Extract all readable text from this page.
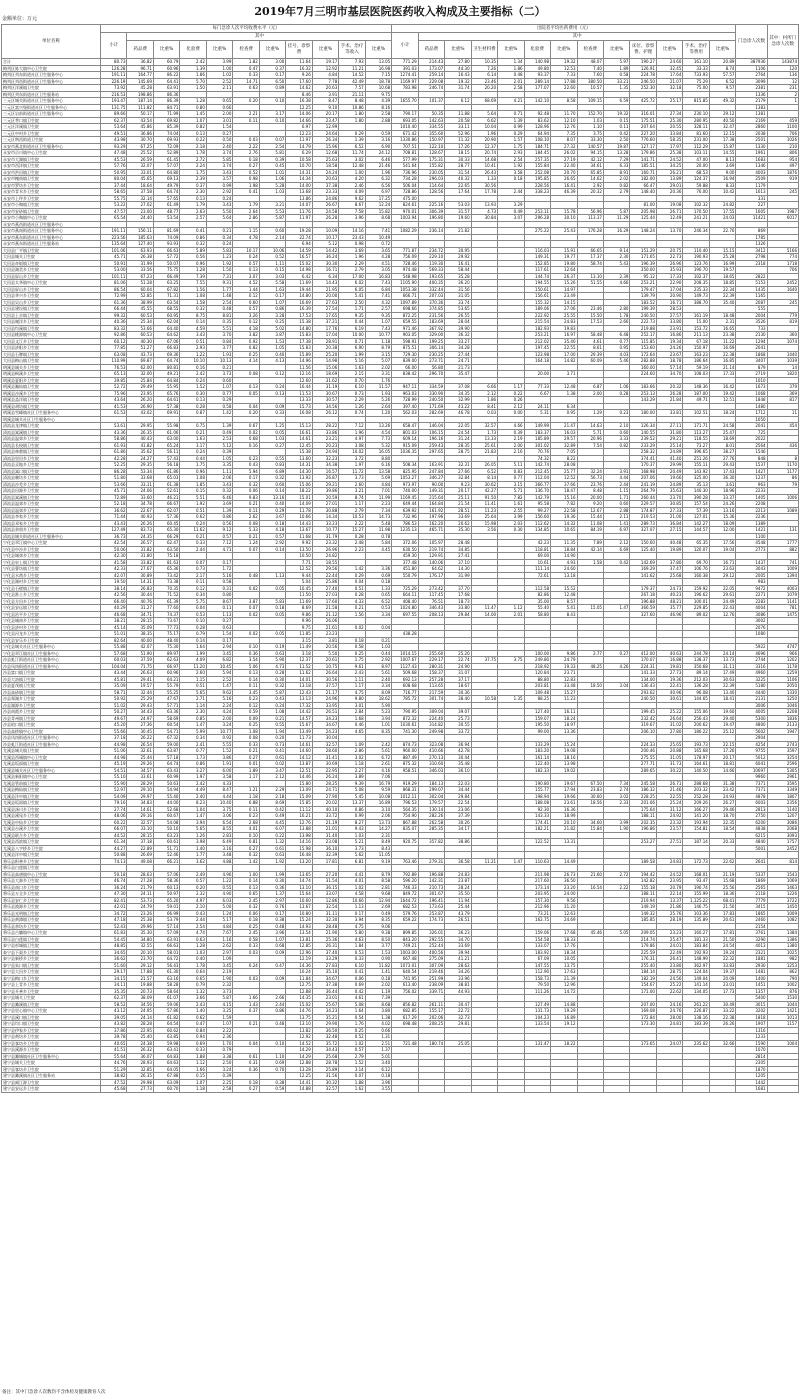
2019年7月三明市基层医院医药收入构成及主要指标（二）
金额单位：万元
单位名称	每门急诊人次平均收费水平（元）											出院者平均医药费用（元）													门急诊人次数	其中：村所门急诊人次数
	小计	其中										小计	其中													
		药品费	比重%	化验费	比重%	检查费	比重%	挂号、诊察费	比重%	手术、治疗等收入	比重%		药品费	比重%	卫生材料费	比重%	化验费	比重%	检查费	比重%	床位、诊察费、护理	比重%	手术、治疗等费用	比重%		
合计	80.73	36.82	60.79	2.42	3.99	1.82	3.00	11.64	19.17	7.93	13.05	771.29	214.43	27.80	10.35	1.34	140.98	19.32	48.07	5.97	190.27	24.60	161.10	20.89	387936	143874
梅列区陈大镇中心卫生院	126.28	96.71	60.96	1.39	1.00	0.47	0.37	16.32	12.92	11.21	16.98	391.03	173.07	44.30	7.26	1.86	49.80	12.53	7.40	1.89	126.91	32.45	33.33	8.74	1106	120
梅列区列东街道社区卫生服务中心	191.11	164.77	86.22	1.86	1.02	0.33	0.17	9.26	4.84	14.52	7.15	1274.41	259.14	16.43	6.14	0.48	93.37	7.33	7.60	0.58	224.78	17.64	733.93	57.57	2764	136
梅列区列西街道社区卫生服务中心	226.19	145.69	64.41	5.70	2.52	14.71	6.50	17.60	7.78	42.49	18.78	1169.97	229.08	19.32	23.46	2.01	289.14	17.88	380.50	33.21	246.50	21.07	75.29	6.52	3099	12
梅列区洋溪镇卫生院	73.92	45.28	63.91	1.50	2.11	0.63	0.89	14.62	20.63	7.57	10.68	783.98	246.74	31.74	20.20	2.58	177.07	22.60	10.57	1.35	252.30	32.18	75.00	9.57	2381	231
梅列区列东街道社区卫生服务站	216.53	198.86	86.36					8.46	3.91	21.11	9.75														1336	2
三元区城关街道社区卫生服务中心	193.47	187.14	86.39	1.28	0.65	0.20	0.10	16.38	8.47	8.48	4.39	1655.70	101.37	6.12	68.69	4.21	142.10	8.58	109.15	6.59	425.72	25.17	815.85	49.32	2179	1
三元区富兴堡街道社区卫生服务中心	131.75	111.82	84.71	0.80	0.66			12.25	9.10	10.86	8.16														1383	
三元区岩前街道社区卫生服务中心	89.66	50.17	71.99	1.45	2.00	2.21	3.17	14.06	20.17	1.80	2.58	790.17	50.35	11.88	5.64	0.71	92.48	11.70	152.70	19.32	316.01	27.34	230.10	29.12	1381	
三元区莘口镇卫生院	62.37	43.54	69.82	1.07	3.01	0.11	0.10	14.66	23.47	1.80	2.88	693.05	142.63	20.58	6.62	1.39	83.62	12.10	1.03	0.15	175.51	25.30	280.95	40.50	2169	459
三元区洋溪镇卫生院	53.64	45.86	85.39	0.82	1.54			6.97	12.99			1010.40	334.55	33.11	10.04	0.99	128.96	12.76	1.10	0.11	207.64	20.55	328.11	32.47	2860	1100
三元区中村乡卫生院	49.51	36.86	74.04	0.13	0.27			12.23	24.64	0.29	0.59	671.42	355.60	52.96	1.96	0.29	64.94	7.35	3.75	0.42	227.20	33.84	81.60	12.15	2038	706
三元区荆西街道卫生院	43.98	30.70	69.93	0.22	0.50	0.03	0.07	11.97	26.34	1.39	3.16	1330.86	150.97	11.32	20.90	1.57	108.10	8.07	33.30	2.50	776.60	58.35	231.00	17.38	2501	1026
永安市燕北街道社区卫生服务中心	93.29	67.25	72.09	2.18	2.40	2.22	2.54	14.79	15.96	6.52	6.90	707.51	122.10	17.26	12.37	1.75	184.71	27.32	140.57	19.87	127.17	17.97	112.29	15.87	1330	210
永安市贡川镇中心卫生院	47.48	25.52	52.89	1.78	3.74	2.76	5.81	6.29	12.68	11.74	24.12	708.81	128.67	18.15	20.74	2.93	184.45	26.02	94.15	13.28	179.86	25.38	103.11	14.55	1961	806
永安市大湖镇卫生院	45.53	26.59	61.45	2.72	5.85	0.18	0.39	10.58	25.63	3.02	6.46	577.99	175.31	30.33	14.68	2.54	257.35	27.19	42.12	7.29	141.71	24.52	47.00	8.13	1683	954
永安市西洋镇卫生院	57.76	32.07	57.07	2.24	3.74	0.27	0.45	10.70	18.58	12.48	21.46	541.64	155.82	28.77	10.41	1.92	155.84	22.40	34.61	6.33	185.51	34.25	20.00	3.69	1346	497
永安市洪田镇卫生院	50.95	33.01	64.80	1.75	3.43	0.52	1.01	14.31	24.24	1.00	1.96	736.96	230.05	31.54	26.43	3.58	252.08	20.70	65.85	8.91	160.71	26.21	68.53	9.00	4003	1876
永安市槐南镇卫生院	80.04	45.65	69.13	2.39	3.57	0.98	1.06	14.34	20.63	4.20	6.32	734.28	296.03	40.32	1.33	0.18	195.85	26.65	14.62	2.02	182.00	13.89	124.37	16.94	2509	919
永安市罗坊乡卫生院	37.44	18.64	49.79	0.37	0.99	1.98	5.28	14.00	37.38	2.46	6.56	506.04	114.64	22.65	30.56		228.56	16.41	2.92	0.82	66.47	29.01	59.88	8.33	1179	
永安市青水乡卫生院	58.65	37.58	64.74	2.30	2.92	0.41	1.03	13.68	23.33	4.09	6.97	728.86	128.56	17.64	17.78	2.44	338.23	46.39	20.32	2.79	148.40	20.36	76.00	10.42	1613	245
永安市上坪乡卫生院	55.75	32.14	57.65	0.13	0.24			13.86	24.86	9.62	17.25	475.00													331	
永安市小陶镇卫生院	53.22	27.02	61.49	1.79	3.43	1.79	3.21	14.07	26.67	8.67	12.24	824.61	225.16	53.03	13.93	3.29					81.00	19.08	102.32	24.82	227	
永安市安砂镇卫生院	47.57	23.00	48.77	2.63	5.50	2.64	5.53	11.76	24.58	7.58	15.82	970.01	306.39	31.57	4.73	0.49	253.11	15.78	56.96	5.87	205.98	26.71	170.50	17.55	1605	1987
永安市小陶镇中心卫生院	65.54	24.40	53.54	2.57	5.64	2.86	5.87	11.97	26.28	3.96	8.68	1003.94	196.80	19.60	30.84	3.07	296.28	30.10	113.37	11.29	125.44	12.49	241.21	24.03	11421	6017
永安市燕西街道社区卫生服务中心																										
永安市燕南街道社区卫生服务中心	191.11	156.11	81.69	0.41	0.21	1.15	0.60	19.28	10.09	14.16	7.41	1082.29	236.14	21.82			275.22	25.43	176.28	16.29	148.24	13.70	246.34	22.76	869	
永安市燕东街道社区卫生服务中心	223.56	185.63	74.09	0.86	0.34	4.78	2.14	22.74	10.17	23.43	10.49														1785	
永安市燕东街道社区卫生服务站	135.64	127.40	93.93	0.32	0.24			6.94	5.12	0.98	0.72														1326	
大田县广平镇卫生院	101.06	63.93	66.63	5.89	5.83	10.17	10.06	14.59	14.42	3.69	3.65	771.87	234.72	30.95			116.03	15.91	66.65	9.14	151.29	20.75	110.40	15.15	3412	5166
大田县城关卫生院	45.71	26.38	57.72	0.56	1.23	0.24	0.52	16.57	36.24	1.96	4.28	756.09	229.10	29.92			149.31	19.77	17.37	2.30	171.65	22.73	190.93	25.28	2798	774
大田县奇韬镇卫生院	50.91	31.99	50.07	0.96	1.92	0.57	1.11	15.02	30.30	2.29	4.51	728.46	119.30	16.41			152.85	19.80	58.74	5.43	196.39	26.96	123.76	16.99	2318	1718
大田县湖美乡卫生院	53.00	33.56	75.75	1.28	1.50	0.13	0.15	14.98	16.71	2.79	3.05	974.48	569.33	58.44			117.61	12.64			350.00	35.93	190.70	19.57		706
大田县屏山乡卫生院	101.11	67.23	66.49	7.39	7.31	3.07	3.03	6.42	6.34	17.00	16.83	548.98	193.65	35.28			144.74	26.37	13.10	2.39	95.12	17.33	102.37	18.65	2822	
大田县太华镇中心卫生院	81.06	51.28	63.25	7.55	9.31	4.52	5.58	11.69	14.43	6.02	7.43	1105.90	400.35	36.20			194.55	15.26	51.55	4.66	253.21	22.90	208.35	18.85	5153	2452
大田县屏山乡卫生院	86.54	60.04	67.82	1.56	1.77	1.44	1.63	19.44	21.95	6.05	6.84	1053.38	332.44	31.56			150.61	14.97			179.47	17.04	235.33	22.34	1435	1640
大田县华兴乡卫生院	72.99	52.85	71.31	1.08	1.48	0.12	0.17	14.80	20.00	5.41	7.41	666.71	207.03	31.05			156.61	23.49			139.79	20.90	149.73	22.39	1165	
大田县吴山乡卫生院	61.36	38.99	63.54	1.58	2.54	0.60	1.07	16.69	27.63	2.50	4.32	1097.89	370.36	33.74			155.32	14.15			183.52	16.71	388.70	35.40	2087	245
大田县建设镇卫生院	66.44	45.55	68.55	0.32	0.48	0.57	0.86	16.39	27.54	1.71	2.57	698.66	374.85	53.65			189.06	27.06	23.46	2.80	199.39	28.53			555	
大田县上京镇卫生院	99.32	60.53	60.95	8.75	8.81	3.26	3.28	17.53	17.65	9.35	9.35	872.25	231.56	26.55			222.92	25.55	15.50	1.78	240.50	27.57	161.19	18.48	2004	779
大田县谢洋乡卫生院	40.36	25.34	62.04	0.14	0.35	0.12	0.25	15.38	37.21	0.44	1.07	659.55	183.69	28.04			215.54	24.83	17.53	2.66	222.73	33.80	15.00	2.31	3526	819
大田县均溪镇卫生院	83.32	53.66	64.40	4.59	5.51	4.18	5.02	14.80	17.76	6.19	7.43	971.46	367.92	39.90			182.93	19.83			219.88	23.91	153.72	16.65	733	
大田县桃源镇中心卫生院	92.86	60.53	64.62	3.43	3.70	3.82	3.87	15.83	17.04	10.00	10.77	903.05	329.00	36.32			253.21	16.97	58.48	6.48	252.17	16.86	211.13	23.38	2130	360
大田县文江乡卫生院	60.12	40.30	67.06	0.51	0.84	0.92	1.53	17.38	28.91	0.71	1.18	598.91	199.25	33.27			212.02	35.40	4.61	0.77	115.85	19.34	67.18	11.22	1294	1074
大田县济阳乡卫生院	77.85	51.27	66.83	2.93	3.77	0.82	1.05	15.83	20.38	6.90	8.79	875.51	306.14	34.28			197.45	22.55	8.61	0.95	153.60	24.26	150.97	16.69	2041	
大田县石牌镇卫生院	63.08	43.73	69.36	1.22	1.93	0.25	0.40	15.89	25.20	1.99	3.15	729.30	230.25	27.44			123.98	17.00	29.39	4.03	172.64	23.67	163.23	22.38	1868	1440
大田县梅山镇卫生院	110.99	69.87	64.74	10.10	10.13	4.14	4.13	14.96	14.98	5.16	5.07	839.00	273.71	24.71			164.18	14.82	60.09	5.46	282.88	18.78	186.64	16.85	3407	1039
明溪县城关乡卫生院	76.53	62.00	80.81	0.16	0.21			11.56	15.06	1.63	2.02	66.00	56.80	21.73							160.00	57.14	59.19	21.14	879	14
明溪县枫溪乡卫生院	65.13	32.00	49.21	2.42	3.73	0.08	0.12	12.16	18.69	2.15	3.31	838.42	296.70	35.47			20.00	3.71			224.60	34.70	108.03	17.33	2719	1820
明溪县夏阳乡卫生院	39.85	25.84	64.84	0.24	0.60			12.60	31.62	0.70	1.76														1010	
明溪县瀚仙镇卫生院	52.72	29.49	55.95	1.52	1.07	0.13	0.24	16.44	31.19	6.10	11.57	947.11	334.59	37.08	6.66	1.17	77.33	12.48	6.87	1.06	183.66	20.32	148.36	16.42	1673	379
明溪县沙溪乡卫生院	75.96	23.95	65.76	0.30	0.77	0.05	0.13	11.53	30.67	0.73	1.93	963.03	330.90	34.35	2.12	0.22	6.67	1.38	2.00	0.28	253.13	26.28	187.00	19.42	1068	369
明溪县盖洋镇卫生院	43.64	26.20	64.61	0.13	0.29			13.33	30.57	2.29	5.26	728.99	240.50	32.99	1.86	0.26					143.29	21.84	49.71	12.51	1848	817
明溪县胡坊镇卫生院	41.53	26.90	57.38	0.28	0.58	0.04	0.09	15.73	34.56	1.26	2.64	397.40	171.69	43.22	8.41	2.12	24.11	6.34							1480	
明溪县雪峰镇社区卫生服务中心	61.53	43.02	69.91	0.87	1.42	0.20	0.33	16.08	26.12	0.74	1.20	562.03	282.69	46.78	0.03	0.00	5.31	0.95	1.29	0.23	180.00	33.81	102.51	18.24	1712	11
明溪县城关社区卫生服务中心																									1050	
清流县龙津镇卫生院	53.61	29.95	55.98	0.75	1.39	0.67	1.25	15.13	28.22	7.12	13.26	658.47	146.04	22.05	32.57	4.66	149.99	21.47	14.63	2.10	126.34	27.11	171.71	24.58	2041	454
清流县嵩溪镇卫生院	43.36	26.35	61.06	0.21	0.49	0.02	0.05	16.61	33.86	1.96	4.54	801.03	106.15	24.54	1.73	0.39	183.37	16.03	5.71	0.60	140.55	31.80	113.27	25.47	725	
清流县温郊乡卫生院	58.86	40.43	63.00	1.63	2.53	0.68	1.03	14.61	23.21	4.97	7.73	609.14	196.16	31.24	13.33	2.19	185.89	29.57	20.96	3.33	239.52	29.21	118.55	18.69	2022	
清流县长校镇卫生院	61.93	41.82	65.24	3.17	5.12	0.16	0.27	12.45	20.23	3.08	5.32	915.09	259.43	28.35	25.61	2.00	301.02	32.89	7.54	0.82	233.29	25.14	73.27	8.01	2564	436
清流县林畲镇卫生院	61.86	35.62	56.11	0.24	0.39			15.38	24.94	10.02	16.05	1036.35	297.65	28.75	21.83	2.16	70.76	7.05			258.32	24.89	396.65	38.27	1546	
清流县里田乡卫生院	42.28	24.27	57.43	0.44	1.05	0.23	0.55	13.60	32.23	3.72	8.80						74.32	8.22			374.41	41.40	251.26	27.76	848	8
清流县灵地乡卫生院	52.25	29.35	56.18	1.75	3.35	0.43	0.83	14.31	34.38	1.97	6.16	508.34	163.91	32.31	26.05	5.11	142.74	28.08			170.37	29.99	155.11	29.43	1537	1170
清流县嵩口镇卫生院	86.28	53.34	61.86	0.96	1.11	5.94	6.89	14.30	16.57	11.72	13.58	825.95	247.84	27.66	6.52	0.83	212.45	25.77	32.24	3.91	168.98	20.49	143.92	17.43	1427	1177
清流县赖坊乡卫生院	51.80	33.68	65.03	1.08	2.06	0.17	0.32	13.92	26.87	3.73	5.69	1053.27	346.27	32.84	8.14	0.77	112.04	12.52	56.73	4.44	207.06	19.66	325.00	36.30	1237	86
清流县沙芜乡卫生院	53.66	33.11	61.38	1.85	3.43	0.32	0.60	15.06	29.21	2.60	4.84	973.97	90.00	9.23	30.62	3.15	366.77	37.66	23.76	2.44	241.19	24.89	35.13	3.61	963	79
清流县田源乡卫生院	45.71	24.06	52.61	0.15	0.32	0.06	0.14	18.22	39.86	3.21	7.01	740.00	149.31	20.17	42.27	5.71	136.70	18.47	8.48	1.15	264.79	35.63	140.30	18.96	2233	
清流县嵩溪镇卫生院	72.89	33.60	46.21	5.51	6.46	9.83	13.16	15.01	20.59	8.74	11.99	1169.45	215.64	25.11	91.50	7.82	142.79	15.16	20.00	1.71	260.44	23.70	390.28	33.37	1405	1006
清流县温郊乡卫生院	52.18	34.78	66.67	1.92	3.69	0.21	0.40	14.09	27.01	1.17	2.23	649.44	164.84	21.54	11.41	1.61	95.58	7.82	9.20	0.60	229.57	30.85	157.54	24.26	2208	
清流县温郊乡卫生院	36.62	22.67	62.07	0.51	1.39	0.11	0.29	11.78	30.88	2.79	7.34	639.92	161.92	28.51	11.23	2.55	99.27	22.58	12.67	2.88	174.87	27.33	57.39	13.16	2213	1089
清流县李家乡卫生院	71.44	40.93	57.36	0.62	0.86	2.62	3.67	10.66	14.34	10.53	14.73	732.96	197.96	33.69	25.64	3.99	156.60	19.36	15.44	2.11	219.53	21.00	127.01	15.36	2236	
清流县邓家乡卫生院	43.43	26.26	60.45	0.24	0.56	0.08	0.18	14.43	33.23	2.22	5.48	786.53	162.20	20.62	15.98	2.03	112.62	14.32	11.08	1.41	289.73	36.84	142.27	18.09	1389	
清流县余朋乡卫生院	127.49	83.73	65.30	11.62	9.12	5.33	4.18	13.67	10.77	15.27	11.98	1235.13	465.71	35.30	3.56	0.30	134.85	10.65	84.19	6.97	327.07	27.15	144.57	12.00	1421	131
清流县城关街道社区卫生服务中心	36.73	24.35	66.29	0.21	0.57	0.21	0.57	11.68	31.79	0.28	0.78														1100	
宁化县翠江镇中心卫生院	42.54	26.57	62.47	0.33	7.12	1.24	2.92	9.92	23.32	2.48	5.84	372.06	105.97	28.48			42.23	11.35	7.89	2.12	150.60	40.48	65.35	17.56	4548	1777
宁化县中沙乡卫生院	50.06	31.82	63.50	2.44	4.71	0.07	0.14	13.50	26.96	2.23	4.45	630.50	219.74	34.85			118.81	18.84	42.14	6.69	125.40	19.89	120.07	19.04	2773	882
宁化县城郊乡卫生院	42.30	31.80	75.18					10.50	24.82			459.30	129.91	27.41			69.00	14.90								
宁化县泉上镇卫生院	41.58	33.82	81.63	0.07	0.17			7.71	18.55			377.48	140.06	37.10			10.61	4.93	1.58	0.42	142.69	37.80	69.70	16.71	1437	741
宁化县曹坊镇卫生院	42.33	27.67	65.36	0.73	1.72			12.52	29.56	1.42	3.36	451.80	64.62	14.30			111.14	24.60			169.29	37.47	106.76	23.63	3043	1009
宁化县水茜乡卫生院	42.07	30.89	73.42	2.17	5.16	0.48	1.13	9.44	22.44	0.29	0.69	550.79	176.17	31.99			72.61	13.18			141.62	25.68	160.38	29.12	2005	1394
宁化县湖村乡卫生院	19.50	14.31	73.38	0.11	0.58			5.04	25.86	0.04	0.18														983	
宁化县石壁镇卫生院	38.14	26.83	70.35	0.12	0.31	0.02	0.05	10.45	27.40	0.51	1.33	725.29	273.42	37.70			112.58	15.52			179.37	24.73	159.92	22.05	9472	4003
宁化县淮土乡卫生院	42.56	30.44	71.52	0.34	0.80			11.50	27.03	0.28	0.65	664.11	117.45	17.68			82.86	12.48			267.18	40.23	196.62	29.61	2271	1079
宁化县方田乡卫生院	66.40	40.76	61.39	5.75	8.67	3.87	5.83	11.69	17.60	4.33	6.52	408.40	76.51	18.73			35.00	8.57			196.88	48.21	100.01	24.49	2283	1141
宁化县安远镇卫生院	40.29	31.27	77.60	0.04	0.11	0.07	0.18	8.69	21.58	0.21	0.53	1024.80	346.43	33.80	11.47	1.12	55.40	5.41	15.05	1.47	366.59	35.77	229.85	22.43	4004	781
宁化县治平乡卫生院	46.68	34.71	74.37	0.53	1.13	0.02	0.05	9.86	21.12	1.56	3.34	697.55	208.13	29.84	14.00	2.01	58.80	8.43			327.60	46.96	89.02	12.76	3086	1475
宁化县城南乡卫生院	38.21	28.15	73.67	0.10	0.27			9.96	26.06																3002	
宁化县济村乡卫生院	45.14	35.09	77.73	0.28	0.63			9.75	21.61	0.02	0.04														2076	
宁化县河龙乡卫生院	51.01	38.35	75.17	0.79	1.54	0.02	0.05	11.85	23.23			438.28													1080	
宁化县安乐乡卫生院	82.64	40.00	48.40	0.14	0.17			3.15	3.81	0.18	0.21															
宁化县城关社区卫生服务中心	55.88	42.07	75.30	1.64	2.94	0.10	0.19	11.49	20.56	0.58	1.03														5922	4747
宁化县翠江镇社区卫生服务中心	57.68	51.90	89.97	1.99	3.45	0.36	0.63	3.18	5.50	0.25	0.44	1014.15	255.60	25.20			100.00	9.86	2.77	0.27	412.00	40.63	244.78	24.14	4696	966
沙县虬江街道社区卫生服务中心	60.03	37.59	62.63	4.09	6.82	3.54	5.90	12.37	20.61	1.75	2.92	1007.67	229.17	22.74	37.75	3.75	249.80	24.79			170.07	16.88	138.37	13.73	2744	1202
沙县凤岗街道社区卫生服务中心	104.04	71.75	66.97	11.20	10.45	5.06	4.73	11.52	10.75	9.61	8.97	1127.43	280.31	24.90			218.92	19.33	48.25	4.26	224.31	19.81	350.68	31.11	3316	1178
沙县富口镇卫生院	43.44	26.63	60.96	2.60	5.94	0.13	0.28	11.62	26.64	2.43	5.61	509.68	158.37	31.07			120.84	23.71			141.33	27.73	89.14	17.49	4960	1259
沙县大洛镇卫生院	45.81	29.41	64.21	1.15	2.52	0.14	0.30	14.01	30.56	1.11	2.40	692.13	257.28	37.17			88.80	12.83			134.00	19.36	212.03	30.63	3225	1106
沙县夏茂镇卫生院	35.09	19.57	55.79	0.51	1.47	0.11	0.32	13.18	37.57	1.17	3.34	608.68	113.65	18.67			203.81	33.48	18.50	3.04	136.43	22.41	136.28	22.39	5180	2050
沙县高砂镇卫生院	58.71	32.44	55.25	5.65	9.62	3.45	5.87	12.43	21.17	4.75	8.09	716.77	217.59	30.36			109.48	15.27			293.62	40.96	96.08	13.40	4440	1330
沙县郑湖乡卫生院	50.92	25.29	47.67	2.71	5.16	0.23	0.43	13.13	24.96	9.80	18.62	785.72	301.74	38.40	10.58	1.35	88.25	11.23			240.50	30.61	144.65	18.41	2131	1250
沙县湖源乡卫生院	51.02	29.43	57.71	1.14	2.24	0.12	0.24	17.32	33.95	3.01	5.90														3006	1046
沙县南霞乡卫生院	50.27	34.43	63.36	2.30	4.24	0.59	1.08	14.42	26.51	2.84	5.23	790.95	309.04	39.07			127.40	16.11			199.45	25.22	155.06	19.60	4005	2208
沙县青州镇卫生院	49.67	24.97	58.69	0.85	2.00	0.09	0.21	14.57	34.23	1.68	3.94	872.32	224.40	25.73			159.07	18.24			232.42	26.64	256.43	29.40	5300	1836
沙县琅口镇卫生院	45.20	27.36	60.54	1.47	3.24	0.25	0.55	15.67	34.67	0.46	1.01	1030.61	314.82	30.55			195.50	18.97			319.67	31.02	200.62	19.47	4800	2133
沙县高桥镇中心卫生院	55.66	30.45	54.71	5.99	10.77	1.08	1.94	13.49	24.23	4.65	8.35	741.30	249.98	33.72			99.00	13.36			206.10	27.80	186.22	25.12	5602	1947
沙县凤岗街道社区卫生服务中心	37.18	26.22	67.32	0.34	0.92	0.08	0.20	11.73	30.04																2904	
沙县虬江街道社区卫生服务中心	44.98	26.54	59.00	2.41	5.55	0.33	0.73	14.61	32.57	1.09	2.42	874.73	323.08	36.94			133.29	15.24			224.33	25.65	193.73	22.15	4254	2743
尤溪县城关镇卫生院	51.06	32.61	63.87	0.77	1.52	0.21	0.41	14.60	28.60	2.86	5.61	960.00	410.66	42.78			183.20	19.08			200.46	20.88	165.68	17.26	9755	3597
尤溪县西城镇中心卫生院	44.98	25.44	57.18	1.73	3.86	0.27	0.61	14.12	31.41	3.02	6.72	887.49	270.13	30.44			161.14	18.16			275.55	31.05	178.97	20.17	5012	3254
尤溪县坂面镇卫生院	45.19	29.26	64.74	0.86	1.91	0.01	0.02	13.87	30.69	1.18	2.61	875.32	310.60	35.48			122.40	13.98			277.71	31.73	164.61	18.81	6041	2596
尤溪县城关社区卫生服务中心	54.51	34.57	63.43	3.27	6.00	1.89	3.47	12.51	22.95	2.27	4.16	958.51	346.03	36.10			182.33	19.02			289.65	30.22	140.50	14.66	10697	5305
尤溪县新阳镇中心卫生院	55.10	33.61	60.99	1.97	3.58	1.17	2.12	14.46	26.24	3.89	7.06														9960	2961
尤溪县管前镇卫生院	55.90	28.29	50.63	2.42	4.33			15.80	28.25	9.39	16.79	919.29	184.13	22.03			190.80	19.67	67.50	7.34	245.58	26.71	288.68	31.38	7371	3595
尤溪县梅仙镇卫生院	52.97	29.10	54.94	4.49	8.47	1.21	2.29	13.09	24.71	5.08	9.59	868.31	299.07	34.44			155.77	17.94	23.83	2.74	186.32	21.46	203.32	23.42	7371	3349
尤溪县洋中镇卫生院	54.09	29.97	55.40	2.40	4.44	1.18	2.18	15.09	27.90	5.45	10.08	1012.11	302.04	29.84			198.94	19.66	30.60	3.02	228.25	22.55	252.28	24.93	4878	1807
尤溪县坂面镇卫生院	79.16	34.83	44.00	8.23	10.40	6.88	8.69	15.85	20.02	13.37	16.89	796.53	179.57	22.54			188.08	23.61	18.56	2.33	201.06	25.24	209.26	26.27	6003	2356
尤溪县汤川乡卫生院	27.74	14.61	52.68	1.04	3.75	0.11	0.42	11.12	40.10	0.86	3.10	564.35	130.14	23.06			92.30	16.36			175.64	31.12	166.27	29.46	2813	1140
尤溪县溪尾乡卫生院	48.06	29.16	60.67	1.47	3.06	0.23	0.49	16.21	33.72	0.99	2.06	754.90	282.26	37.39			143.33	18.99			188.11	24.92	141.20	18.70	2750	1207
尤溪县中仙乡卫生院	60.22	32.57	54.08	3.94	6.54	2.68	4.45	12.76	21.19	8.27	13.73	867.88	262.58	30.26			174.41	20.10	34.60	3.99	202.35	23.32	193.94	22.35	6200	3086
尤溪县台溪乡卫生院	66.07	33.10	50.10	5.65	8.55	4.01	6.07	13.88	21.01	9.43	14.27	835.07	285.35	34.17			182.21	21.82	15.84	1.90	196.86	23.57	154.81	18.54	4838	2068
尤溪县联合乡卫生院	44.52	28.15	63.23	1.26	2.83	0.10	0.22	13.98	31.40	1.03	2.31														6215	3093
尤溪县西滨镇卫生院	61.34	37.18	60.61	3.98	6.49	0.81	1.32	14.16	23.08	5.21	8.49	920.75	357.82	38.86			122.52	13.31			253.27	27.51	187.14	20.33	4840	1757
尤溪县八字桥乡卫生院	44.27	22.89	51.71	1.40	3.16	0.27	0.61	15.98	36.10	3.73	8.43														5001	2452
尤溪县洋中镇卫生院	50.88	26.69	52.46	1.77	3.48	0.32	0.63	16.48	32.39	5.62	11.05															
将乐县积善乡卫生院	74.13	49.08	66.21	3.62	4.88	1.42	1.92	13.20	17.81	6.81	9.19	763.46	279.31	36.58	11.21	1.47	110.63	14.49			189.58	24.83	172.73	22.62	2641	814
将乐县白莲镇卫生院																										
将乐县高唐镇中心卫生院	50.18	28.63	57.06	2.49	4.96	1.00	1.99	13.65	27.20	4.41	8.79	792.89	196.88	24.83			211.98	26.73	21.60	2.72	194.42	24.52	168.01	21.19	5337	1543
将乐县大源乡卫生院	46.74	27.28	58.36	0.57	1.22	0.14	0.30	14.74	31.54	4.01	8.58	596.20	142.31	23.87			217.60	36.50			142.82	23.95	93.47	15.68	1869	1069
将乐县南口乡卫生院	36.24	21.79	60.13	0.20	0.55	0.13	0.36	13.10	36.15	1.02	2.81	746.33	210.73	28.24			173.14	23.20	16.54	2.22	155.18	20.79	190.74	25.56	2565	1463
将乐县万全乡卫生院	47.30	24.11	50.97	2.32	4.90	0.65	1.37	15.64	33.07	4.58	9.68	849.72	301.67	35.50			203.95	24.00			188.11	22.14	155.99	18.36	2118	1226
将乐县安仁乡卫生院	82.41	53.73	65.20	4.97	6.03	2.45	2.97	10.60	12.86	10.66	12.94	1644.72	196.41	11.94			157.30	9.56			219.94	13.37	1,125.22	68.41	7779	3722
将乐县漠源乡卫生院	42.01	24.79	59.01	2.10	5.00	0.32	0.76	13.67	32.54	1.13	2.69	682.53	173.63	25.44			212.96	31.20			149.19	21.86	146.75	21.50	3415	1450
将乐县光明镇卫生院	34.72	23.26	66.99	0.43	1.24	0.06	0.17	10.80	31.11	0.17	0.49	579.76	253.87	43.79			73.21	12.63			149.32	25.76	103.36	17.83	1865	1009
将乐县黄潭镇卫生院	47.18	25.38	53.79	2.44	5.17	0.18	0.38	15.24	32.30	3.94	8.35	659.22	174.73	26.51			162.75	24.69			185.85	28.19	135.89	20.61	2460	1082
将乐县余坊乡卫生院	52.43	29.96	57.14	2.54	4.84	0.25	0.48	14.93	28.48	4.75	9.06														2154	
将乐县古镛镇中心卫生院	61.83	35.30	57.09	4.74	7.67	2.45	3.96	13.54	21.90	5.80	9.38	899.85	326.01	36.23			159.06	17.68	45.46	5.05	209.05	23.23	160.27	17.81	3761	1384
将乐县白莲镇卫生院	54.45	34.80	63.91	0.63	1.16	0.58	1.07	13.81	25.36	4.63	8.50	843.20	292.55	34.70			154.58	18.33			214.74	25.47	181.33	21.50	3290	1386
泰宁县杉城镇卫生院	48.85	32.55	66.63	1.28	2.62	0.33	0.68	12.85	26.31	1.84	3.77	749.21	252.44	33.69			133.07	17.76			179.86	24.01	183.84	24.54	4013	1380
泰宁县下渠乡卫生院	34.65	20.10	58.01	1.03	2.97	0.03	0.09	12.96	37.40	0.53	1.53	1003.00	400.56	39.94			183.92	18.34			225.59	22.49	192.93	19.24	2321	1025
泰宁县新桥乡卫生院	36.62	23.70	64.72	0.40	1.09			12.19	33.29	0.33	0.90	667.48	275.09	41.21			67.09	10.05			176.31	26.41	148.99	22.32	1881	982
泰宁县朱口镇卫生院	51.60	29.12	56.43	1.78	3.45	0.24	0.47	14.36	27.83	6.10	11.82	1073.01	307.09	28.62			147.55	13.75			255.40	23.80	362.97	33.83	2930	1253
泰宁县大田乡卫生院	29.17	17.88	61.30	0.64	2.19			10.24	35.10	0.41	1.41	640.54	219.46	34.26			112.90	17.63			184.14	28.75	124.04	19.37	1481	862
泰宁县梅口乡卫生院	34.15	21.57	63.16	0.65	1.90	0.03	0.09	11.84	34.67	0.06	0.18	741.95	251.99	33.96			158.73	21.39			182.19	24.56	149.04	20.09	1400	790
泰宁县上青乡卫生院	34.11	19.88	58.28	0.79	2.32			12.75	37.38	0.69	2.02	613.40	238.09	38.81			79.50	12.96			154.67	25.22	141.14	23.01	1451	1002
泰宁县开善乡卫生院	35.35	20.73	58.64	1.32	3.73			12.88	36.44	0.42	1.19	756.02	339.71	44.93			111.26	14.72			171.00	22.62	134.05	17.73	1357	876
泰宁县城关卫生院	62.37	38.09	61.07	3.66	5.87	1.66	2.66	14.35	23.01	4.61	7.39														5400	1530
建宁县濉溪镇卫生院	58.52	34.56	59.06	2.43	4.15	1.43	2.44	15.02	25.67	5.08	8.68	856.82	261.11	30.47			127.49	14.88			207.00	24.16	261.22	30.49	3015	1044
建宁县里心镇中心卫生院	43.12	24.95	57.86	1.40	3.25	0.37	0.86	14.76	34.23	1.64	3.80	682.85	155.17	22.72			131.73	19.29			169.08	24.76	226.87	33.22	3202	1421
建宁县溪口镇卫生院	39.05	24.14	61.82	0.62	1.59			13.75	35.21	0.54	1.38	617.29	202.06	32.73			104.23	16.89			172.84	28.00	138.16	22.38	1818	1013
建宁县均口镇卫生院	43.82	28.28	64.54	0.47	1.07	0.21	0.48	13.10	29.90	1.76	4.02	698.48	208.25	29.81			133.54	19.12			173.30	24.81	183.39	26.26	1907	1157
建宁县伊家乡卫生院	37.86	22.95	60.62	0.84	2.22			13.82	36.50	0.25	0.66														1316	
建宁县黄坊乡卫生院	39.78	25.40	63.85	0.94	2.36			12.92	32.48	0.52	1.31														1233	
建宁县客坊乡卫生院	40.65	24.38	59.98	0.69	1.70	0.04	0.10	14.52	35.72	1.02	2.51	721.48	180.74	25.05			131.47	18.22			173.65	24.07	235.62	32.66	1590	1004
建宁县溪源乡卫生院	41.51	26.32	63.41	0.33	0.79			14.29	34.43	0.57	1.37														1070	
建宁县濉城镇社区卫生服务中心	55.64	36.07	64.83	1.88	3.38	0.61	1.10	14.29	25.68	2.79	5.01														2814	
建宁县城关卫生院	44.76	28.93	64.63	1.12	2.50	0.31	0.69	12.88	28.78	1.52	3.40														2305	
建宁县客坊乡卫生院	51.29	32.85	64.05	1.66	3.24	0.36	0.70	13.28	25.89	3.14	6.12														1870	
建宁县濉溪镇社区卫生服务站	38.82	26.35	67.88	0.15	0.39			12.25	31.56	0.07	0.18														1205	
建宁县闽江源卫生院	47.52	29.98	63.09	1.07	2.25	0.18	0.38	14.41	30.32	1.88	3.96														1442	
建宁县安远乡卫生院	45.68	27.73	60.70	1.18	2.58	0.27	0.59	14.88	32.57	1.62	3.55														1681	
备注：其中门急诊人次数均不含体检及健康教育人次
